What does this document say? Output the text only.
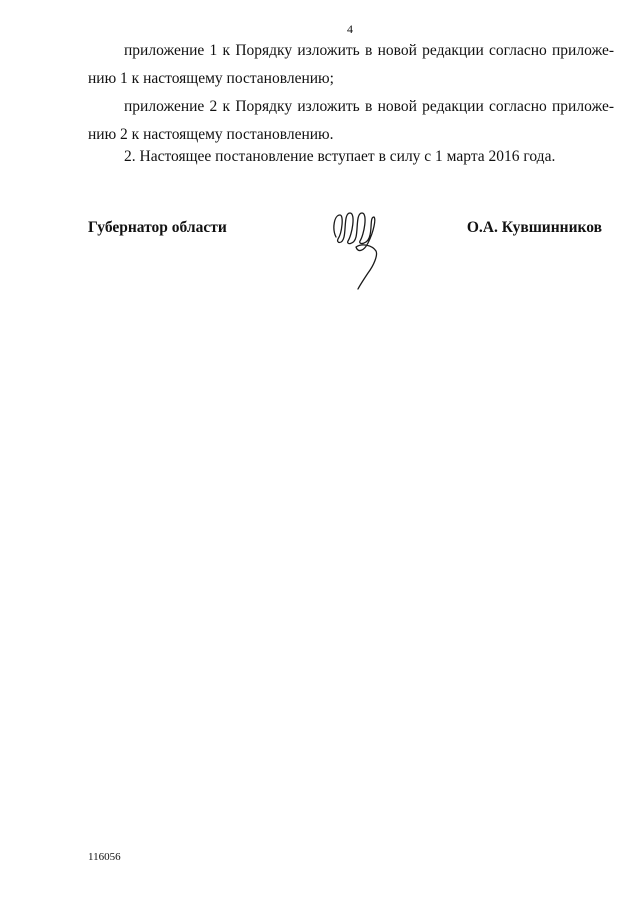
4

приложение 1 к Порядку изложить в новой редакции согласно приложе-
нию 1 к настоящему постановлению;

приложение 2 к Порядку изложить в новой редакции согласно приложе-
нию 2 к настоящему постановлению.

2. Настоящее постановление вступает в силу с 1 марта 2016 года.

Губернатор области	О.А. Кувшинников
116056
